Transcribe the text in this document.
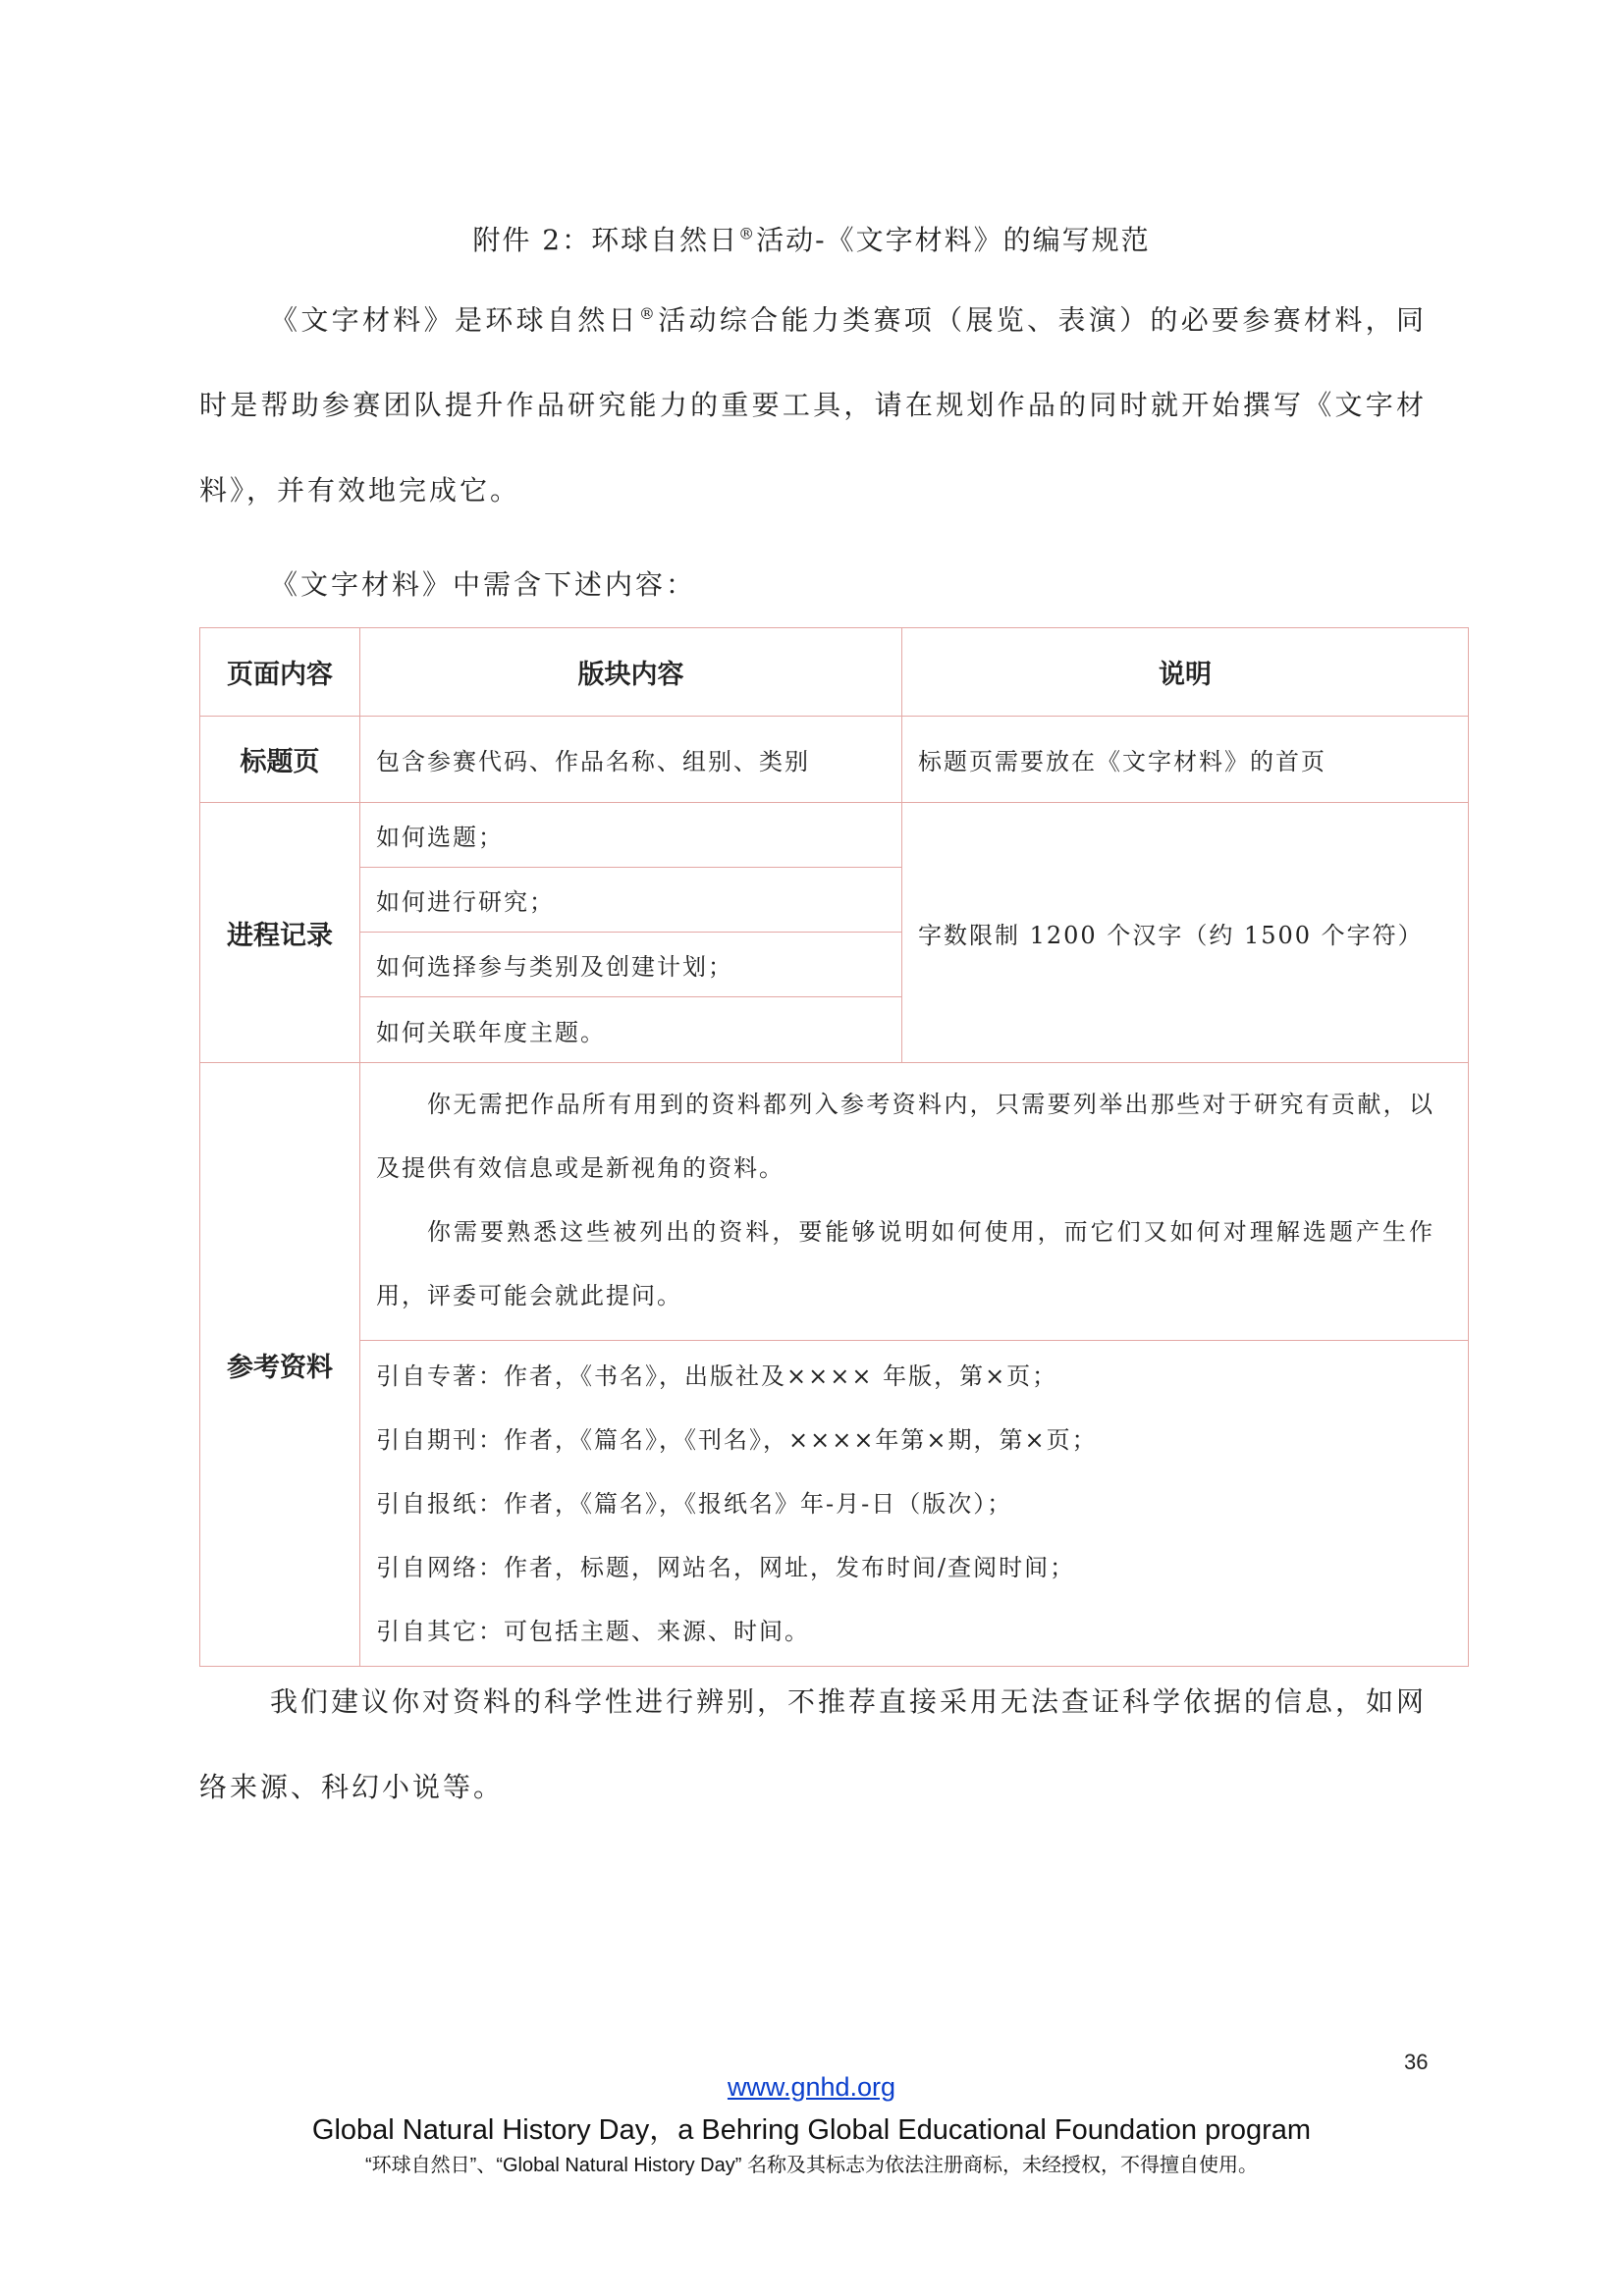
附件 2：环球自然日®活动-《文字材料》的编写规范
《文字材料》是环球自然日®活动综合能力类赛项（展览、表演）的必要参赛材料，同时是帮助参赛团队提升作品研究能力的重要工具，请在规划作品的同时就开始撰写《文字材料》，并有效地完成它。
《文字材料》中需含下述内容：
页面内容	版块内容	说明
标题页	包含参赛代码、作品名称、组别、类别	标题页需要放在《文字材料》的首页
进程记录	如何选题；	字数限制 1200 个汉字（约 1500 个字符）
	如何进行研究；	
	如何选择参与类别及创建计划；	
	如何关联年度主题。	
参考资料	你无需把作品所有用到的资料都列入参考资料内，只需要列举出那些对于研究有贡献，以及提供有效信息或是新视角的资料。

你需要熟悉这些被列出的资料，要能够说明如何使用，而它们又如何对理解选题产生作用，评委可能会就此提问。	

	引自专著：作者，《书名》，出版社及×××× 年版，第×页；

引自期刊：作者，《篇名》，《刊名》，××××年第×期，第×页；

引自报纸：作者，《篇名》，《报纸名》年-月-日（版次）；

引自网络：作者，标题，网站名，网址，发布时间/查阅时间；

引自其它：可包括主题、来源、时间。	

我们建议你对资料的科学性进行辨别，不推荐直接采用无法查证科学依据的信息，如网络来源、科幻小说等。
36
www.gnhd.org
Global Natural History Day，a Behring Global Educational Foundation program
“环球自然日”、“Global Natural History Day” 名称及其标志为依法注册商标，未经授权，不得擅自使用。
